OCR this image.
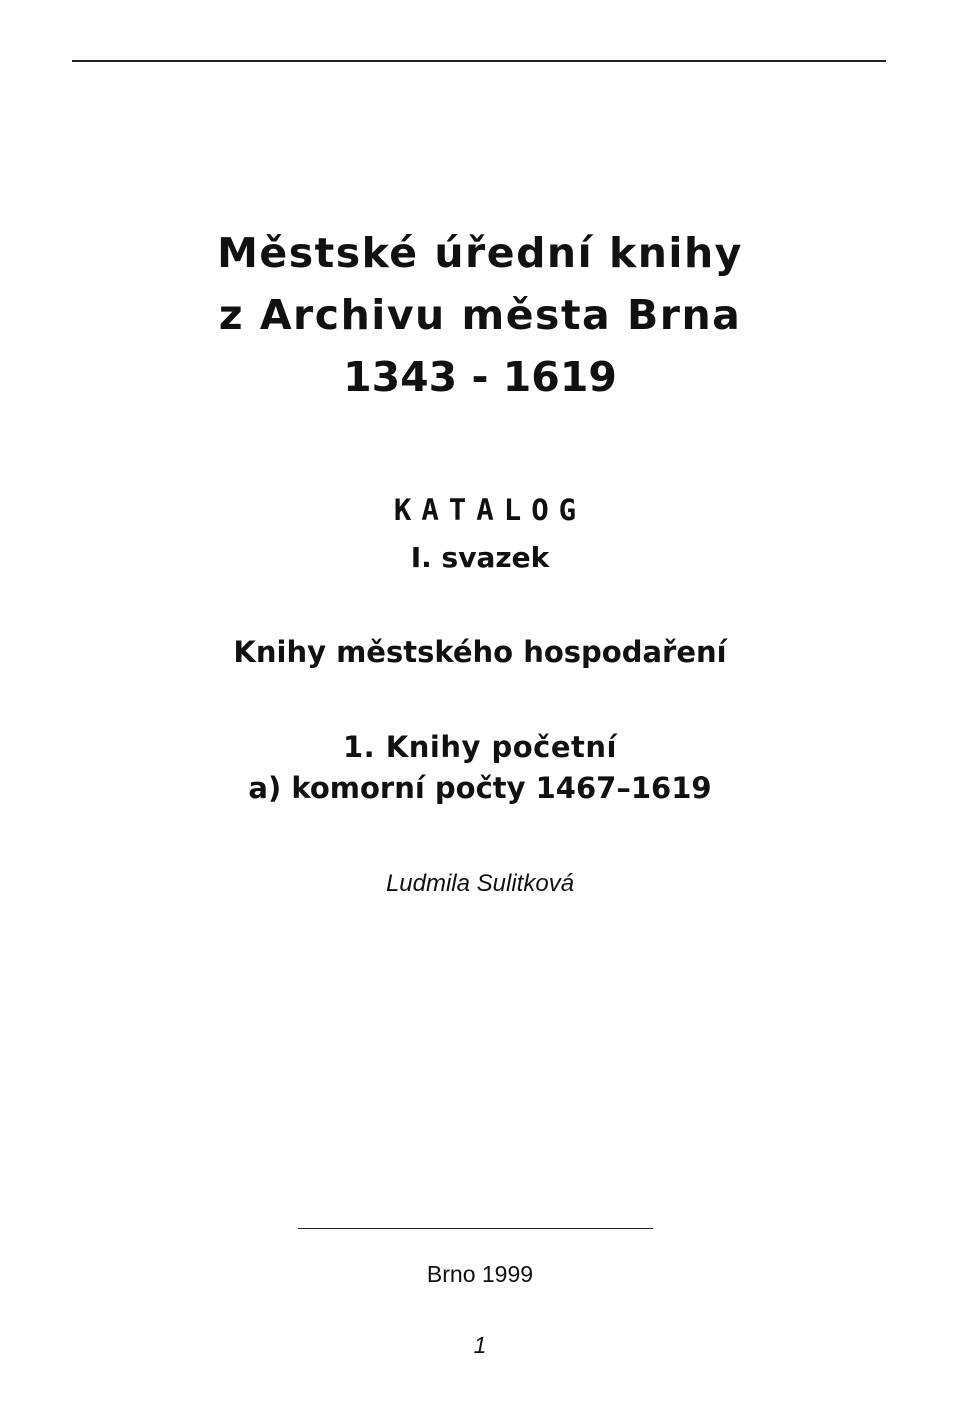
Městské úřední knihy
z Archivu města Brna
1343 - 1619
KATALOG
I. svazek
Knihy městského hospodaření
1. Knihy početní
a) komorní počty 1467–1619
Ludmila Sulitková
Brno 1999
1
